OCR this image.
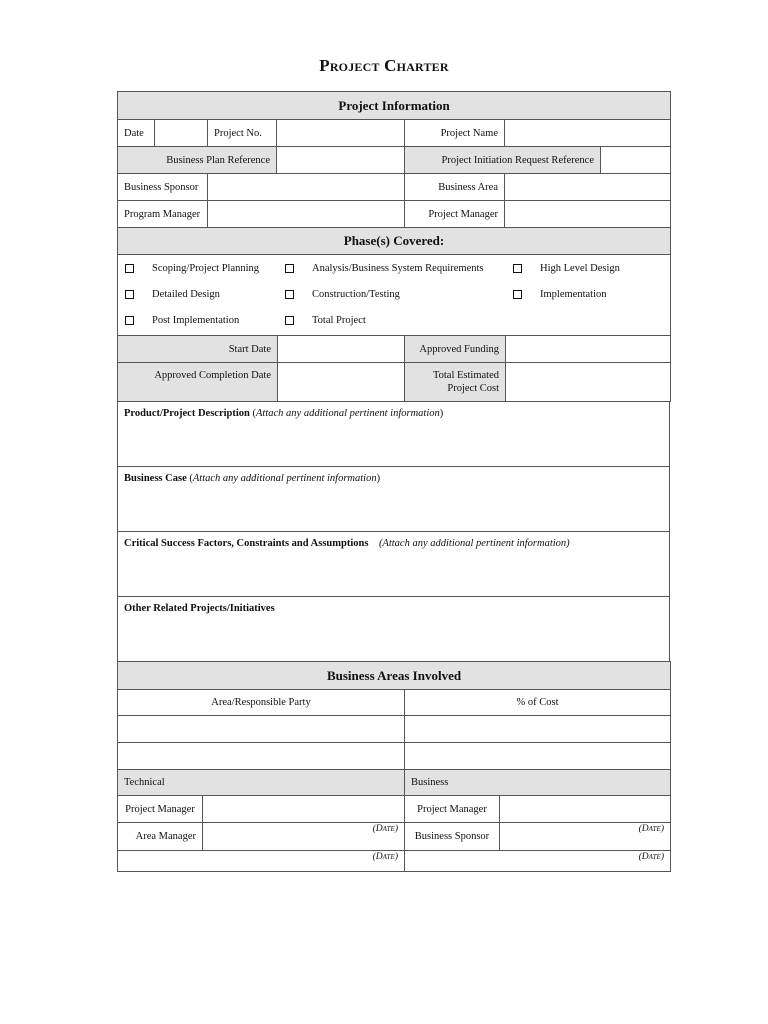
Project Charter
Project Information						
Date		Project No.		Project Name		
Business Plan Reference				Project Initiation Request Reference		
Business Sponsor				Business Area		
Program Manager				Project Manager		
Phase(s) Covered:

Scoping/Project Planning	Analysis/Business System Requirements	High Level Design
Detailed Design	Construction/Testing	Implementation
Post Implementation	Total Project
Start Date		Approved Funding	
Approved Completion Date		Total Estimated
Project Cost	

Product/Project Description (Attach any additional pertinent information)
Business Case (Attach any additional pertinent information)
Critical Success Factors, Constraints and Assumptions (Attach any additional pertinent information)
Other Related Projects/Initiatives
Business Areas Involved	
Area/Responsible Party	% of Cost

Technical	Business
Project Manager		Project Manager	
Area Manager	(Date)	Business Sponsor	(Date)
(Date)		(Date)	
